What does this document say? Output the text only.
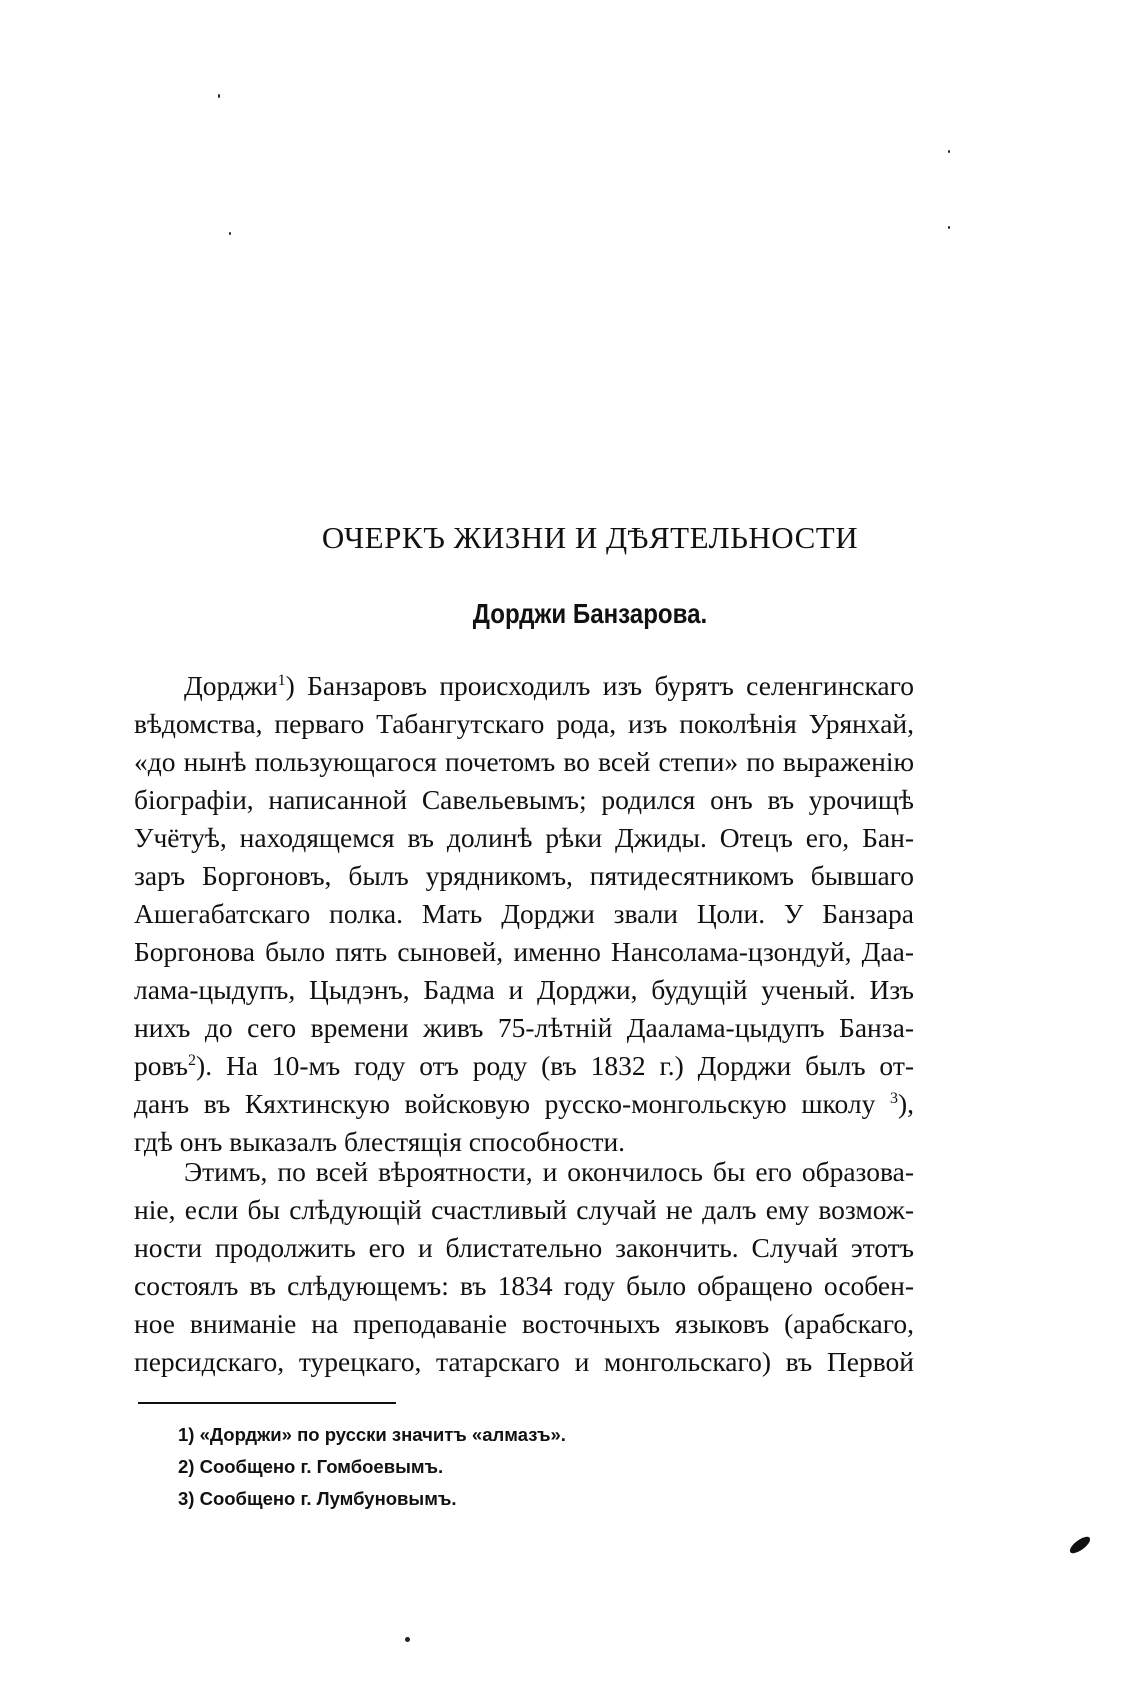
ОЧЕРКЪ ЖИЗНИ И ДѢЯТЕЛЬНОСТИ
Дорджи Банзарова.
Дорджи$^1$) Банзаровъ происходилъ изъ бурятъ селенгинскаго
вѣдомства, перваго Табангутскаго рода, изъ поколѣнія Урянхай,
«до нынѣ пользующагося почетомъ во всей степи» по выраженію
біографіи, написанной Савельевымъ; родился онъ въ урочищѣ
Учётуѣ, находящемся въ долинѣ рѣки Джиды. Отецъ его, Бан-
заръ Боргоновъ, былъ урядникомъ, пятидесятникомъ бывшаго
Ашегабатскаго полка. Мать Дорджи звали Цоли. У Банзара
Боргонова было пять сыновей, именно Нансолама-цзондуй, Даа-
лама-цыдупъ, Цыдэнъ, Бадма и Дорджи, будущій ученый. Изъ
нихъ до сего времени живъ 75-лѣтній Даалама-цыдупъ Банза-
ровъ$^2$). На 10-мъ году отъ роду (въ 1832 г.) Дорджи былъ от-
данъ въ Кяхтинскую войсковую русско-монгольскую школу $^3$),
гдѣ онъ выказалъ блестящія способности.
Этимъ, по всей вѣроятности, и окончилось бы его образова-
ніе, если бы слѣдующій счастливый случай не далъ ему возмож-
ности продолжить его и блистательно закончить. Случай этотъ
состоялъ въ слѣдующемъ: въ 1834 году было обращено особен-
ное вниманіе на преподаваніе восточныхъ языковъ (арабскаго,
персидскаго, турецкаго, татарскаго и монгольскаго) въ Первой
1) «Дорджи» по русски значитъ «алмазъ».
2) Сообщено г. Гомбоевымъ.
3) Сообщено г. Лумбуновымъ.
